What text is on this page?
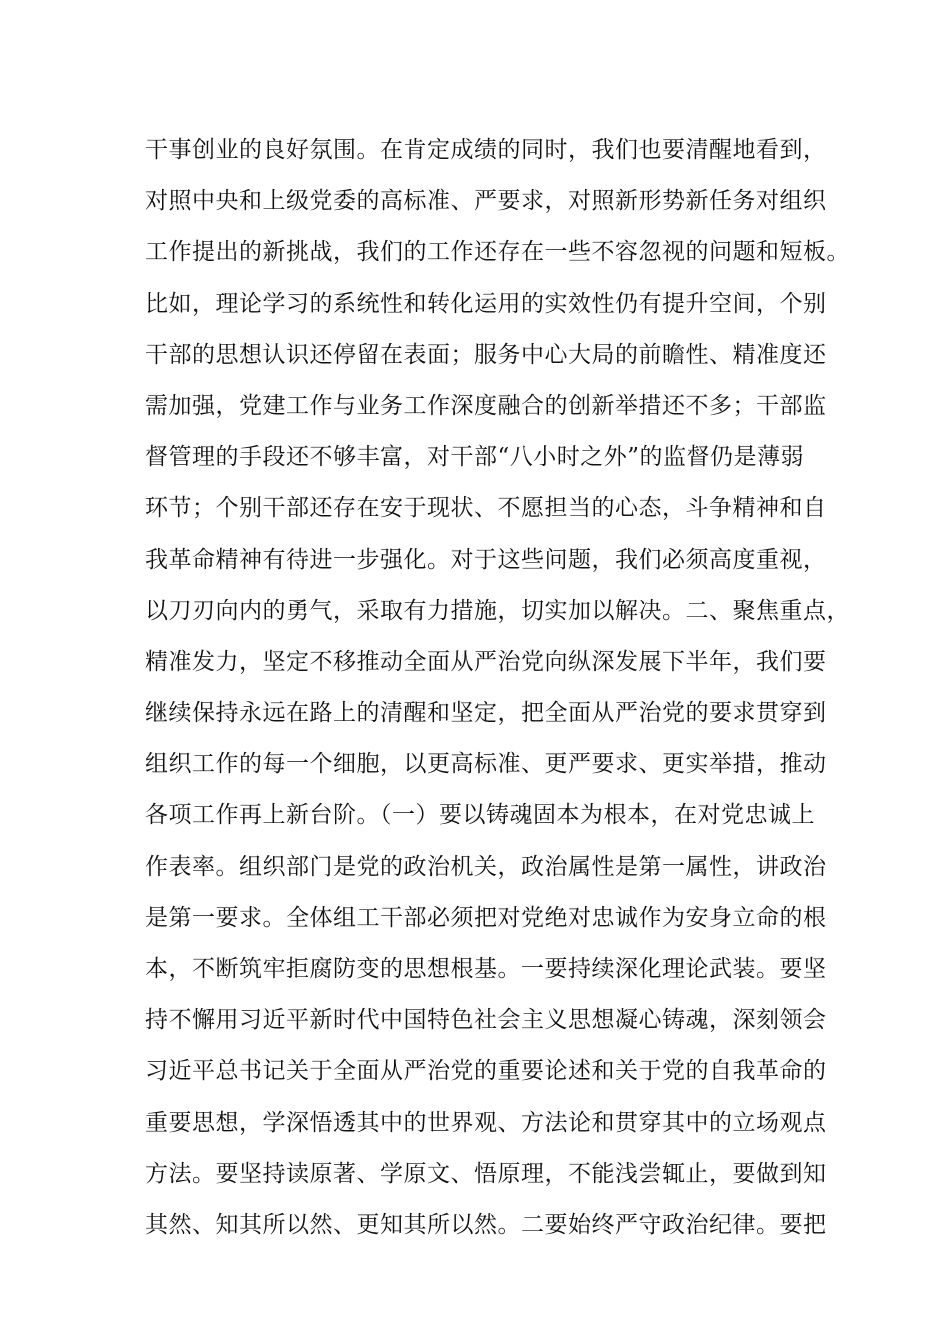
干事创业的良好氛围。在肯定成绩的同时，我们也要清醒地看到，
对照中央和上级党委的高标准、严要求，对照新形势新任务对组织
工作提出的新挑战，我们的工作还存在一些不容忽视的问题和短板。
比如，理论学习的系统性和转化运用的实效性仍有提升空间，个别
干部的思想认识还停留在表面；服务中心大局的前瞻性、精准度还
需加强，党建工作与业务工作深度融合的创新举措还不多；干部监
督管理的手段还不够丰富，对干部“八小时之外”的监督仍是薄弱
环节；个别干部还存在安于现状、不愿担当的心态，斗争精神和自
我革命精神有待进一步强化。对于这些问题，我们必须高度重视，
以刀刃向内的勇气，采取有力措施，切实加以解决。二、聚焦重点，
精准发力，坚定不移推动全面从严治党向纵深发展下半年，我们要
继续保持永远在路上的清醒和坚定，把全面从严治党的要求贯穿到
组织工作的每一个细胞，以更高标准、更严要求、更实举措，推动
各项工作再上新台阶。（一）要以铸魂固本为根本，在对党忠诚上
作表率。组织部门是党的政治机关，政治属性是第一属性，讲政治
是第一要求。全体组工干部必须把对党绝对忠诚作为安身立命的根
本，不断筑牢拒腐防变的思想根基。一要持续深化理论武装。要坚
持不懈用习近平新时代中国特色社会主义思想凝心铸魂，深刻领会
习近平总书记关于全面从严治党的重要论述和关于党的自我革命的
重要思想，学深悟透其中的世界观、方法论和贯穿其中的立场观点
方法。要坚持读原著、学原文、悟原理，不能浅尝辄止，要做到知
其然、知其所以然、更知其所以然。二要始终严守政治纪律。要把
